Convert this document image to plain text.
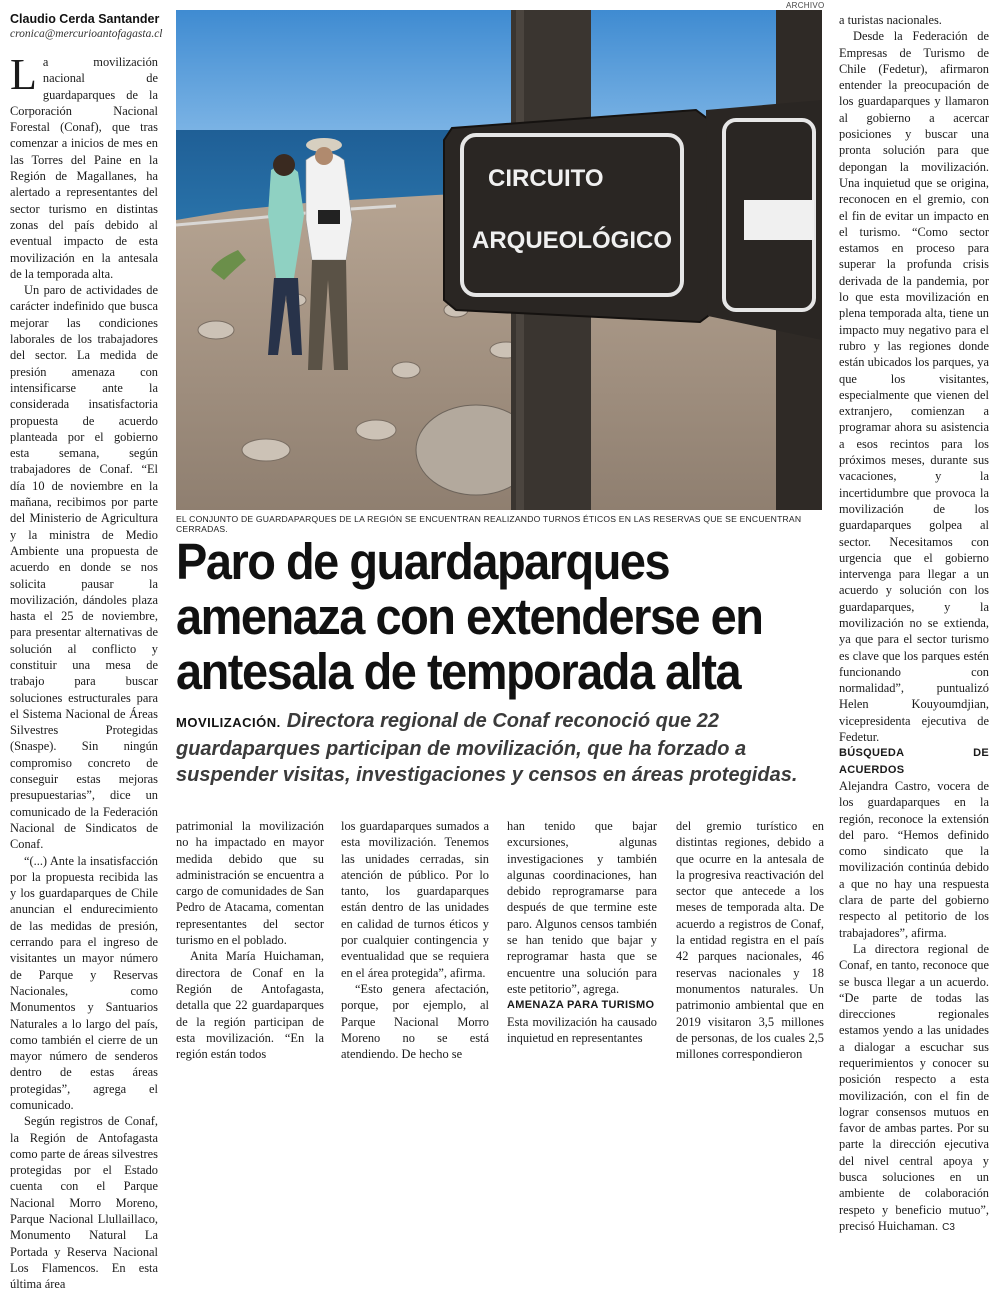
Claudio Cerda Santander
cronica@mercurioantofagasta.cl

La movilización nacional de guardaparques de la Corporación Nacional Forestal (Conaf), que tras comenzar a inicios de mes en las Torres del Paine en la Región de Magallanes, ha alertado a representantes del sector turismo en distintas zonas del país debido al eventual impacto de esta movilización en la antesala de la temporada alta.

Un paro de actividades de carácter indefinido que busca mejorar las condiciones laborales de los trabajadores del sector. La medida de presión amenaza con intensificarse ante la considerada insatisfactoria propuesta de acuerdo planteada por el gobierno esta semana, según trabajadores de Conaf. “El día 10 de noviembre en la mañana, recibimos por parte del Ministerio de Agricultura y la ministra de Medio Ambiente una propuesta de acuerdo en donde se nos solicita pausar la movilización, dándoles plaza hasta el 25 de noviembre, para presentar alternativas de solución al conflicto y constituir una mesa de trabajo para buscar soluciones estructurales para el Sistema Nacional de Áreas Silvestres Protegidas (Snaspe). Sin ningún compromiso concreto de conseguir estas mejoras presupuestarias”, dice un comunicado de la Federación Nacional de Sindicatos de Conaf.

“(...) Ante la insatisfacción por la propuesta recibida las y los guardaparques de Chile anuncian el endurecimiento de las medidas de presión, cerrando para el ingreso de visitantes un mayor número de Parque y Reservas Nacionales, como Monumentos y Santuarios Naturales a lo largo del país, como también el cierre de un mayor número de senderos dentro de estas áreas protegidas”, agrega el comunicado.

Según registros de Conaf, la Región de Antofagasta como parte de áreas silvestres protegidas por el Estado cuenta con el Parque Nacional Morro Moreno, Parque Nacional Llullaillaco, Monumento Natural La Portada y Reserva Nacional Los Flamencos. En esta última área

ARCHIVO
CIRCUITO
ARQUEOLÓGICO
EL CONJUNTO DE GUARDAPARQUES DE LA REGIÓN SE ENCUENTRAN REALIZANDO TURNOS ÉTICOS EN LAS RESERVAS QUE SE ENCUENTRAN CERRADAS.
Paro de guardaparques amenaza con extenderse en antesala de temporada alta
MOVILIZACIÓN. Directora regional de Conaf reconoció que 22 guardaparques participan de movilización, que ha forzado a suspender visitas, investigaciones y censos en áreas protegidas.

patrimonial la movilización no ha impactado en mayor medida debido que su administración se encuentra a cargo de comunidades de San Pedro de Atacama, comentan representantes del sector turismo en el poblado.

Anita María Huichaman, directora de Conaf en la Región de Antofagasta, detalla que 22 guardaparques de la región participan de esta movilización. “En la región están todos

los guardaparques sumados a esta movilización. Tenemos las unidades cerradas, sin atención de público. Por lo tanto, los guardaparques están dentro de las unidades en calidad de turnos éticos y por cualquier contingencia y eventualidad que se requiera en el área protegida”, afirma.

“Esto genera afectación, porque, por ejemplo, al Parque Nacional Morro Moreno no se está atendiendo. De hecho se

han tenido que bajar excursiones, algunas investigaciones y también algunas coordinaciones, han debido reprogramarse para después de que termine este paro. Algunos censos también se han tenido que bajar y reprogramar hasta que se encuentre una solución para este petitorio”, agrega.

AMENAZA PARA TURISMO

Esta movilización ha causado inquietud en representantes

del gremio turístico en distintas regiones, debido a que ocurre en la antesala de la progresiva reactivación del sector que antecede a los meses de temporada alta. De acuerdo a registros de Conaf, la entidad registra en el país 42 parques nacionales, 46 reservas nacionales y 18 monumentos naturales. Un patrimonio ambiental que en 2019 visitaron 3,5 millones de personas, de los cuales 2,5 millones correspondieron

a turistas nacionales.

Desde la Federación de Empresas de Turismo de Chile (Fedetur), afirmaron entender la preocupación de los guardaparques y llamaron al gobierno a acercar posiciones y buscar una pronta solución para que depongan la movilización. Una inquietud que se origina, reconocen en el gremio, con el fin de evitar un impacto en el turismo. “Como sector estamos en proceso para superar la profunda crisis derivada de la pandemia, por lo que esta movilización en plena temporada alta, tiene un impacto muy negativo para el rubro y las regiones donde están ubicados los parques, ya que los visitantes, especialmente que vienen del extranjero, comienzan a programar ahora su asistencia a esos recintos para los próximos meses, durante sus vacaciones, y la incertidumbre que provoca la movilización de los guardaparques golpea al sector. Necesitamos con urgencia que el gobierno intervenga para llegar a un acuerdo y solución con los guardaparques, y la movilización no se extienda, ya que para el sector turismo es clave que los parques estén funcionando con normalidad”, puntualizó Helen Kouyoumdjian, vicepresidenta ejecutiva de Fedetur.

BÚSQUEDA DE ACUERDOS

Alejandra Castro, vocera de los guardaparques en la región, reconoce la extensión del paro. “Hemos definido como sindicato que la movilización continúa debido a que no hay una respuesta clara de parte del gobierno respecto al petitorio de los trabajadores”, afirma.

La directora regional de Conaf, en tanto, reconoce que se busca llegar a un acuerdo. “De parte de todas las direcciones regionales estamos yendo a las unidades a dialogar a escuchar sus requerimientos y conocer su posición respecto a esta movilización, con el fin de lograr consensos mutuos en favor de ambas partes. Por su parte la dirección ejecutiva del nivel central apoya y busca soluciones en un ambiente de colaboración respeto y beneficio mutuo”, precisó Huichaman. C3
